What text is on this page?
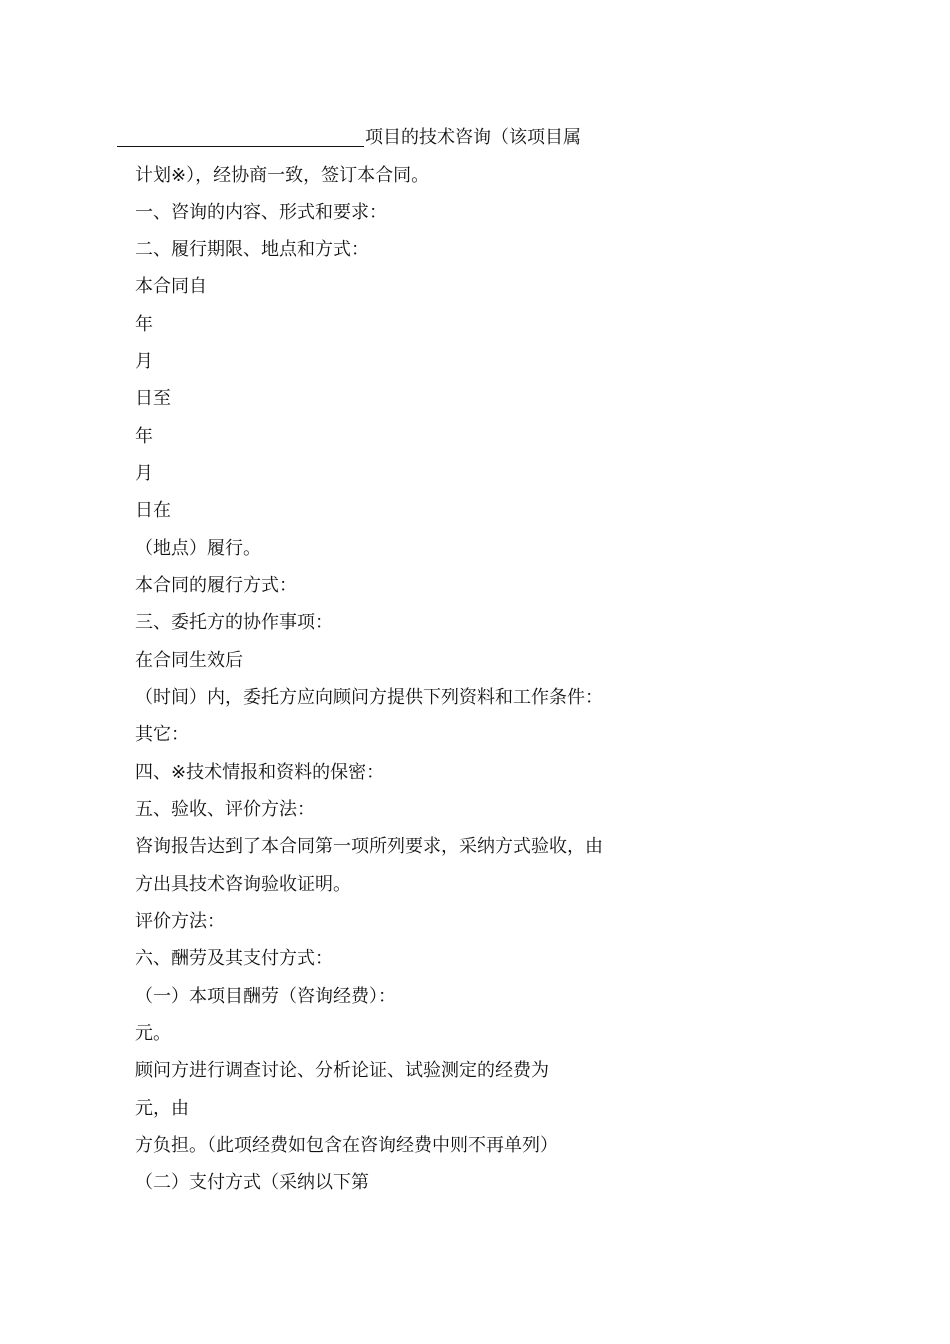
项目的技术咨询（该项目属
计划※），经协商一致，签订本合同。
一、咨询的内容、形式和要求：
二、履行期限、地点和方式：
本合同自
年
月
日至
年
月
日在
（地点）履行。
本合同的履行方式：
三、委托方的协作事项：
在合同生效后
（时间）内，委托方应向顾问方提供下列资料和工作条件：
其它：
四、※技术情报和资料的保密：
五、验收、评价方法：
咨询报告达到了本合同第一项所列要求，采纳方式验收，由
方出具技术咨询验收证明。
评价方法：
六、酬劳及其支付方式：
（一）本项目酬劳（咨询经费）：
元。
顾问方进行调查讨论、分析论证、试验测定的经费为
元，由
方负担。（此项经费如包含在咨询经费中则不再单列）
（二）支付方式（采纳以下第
